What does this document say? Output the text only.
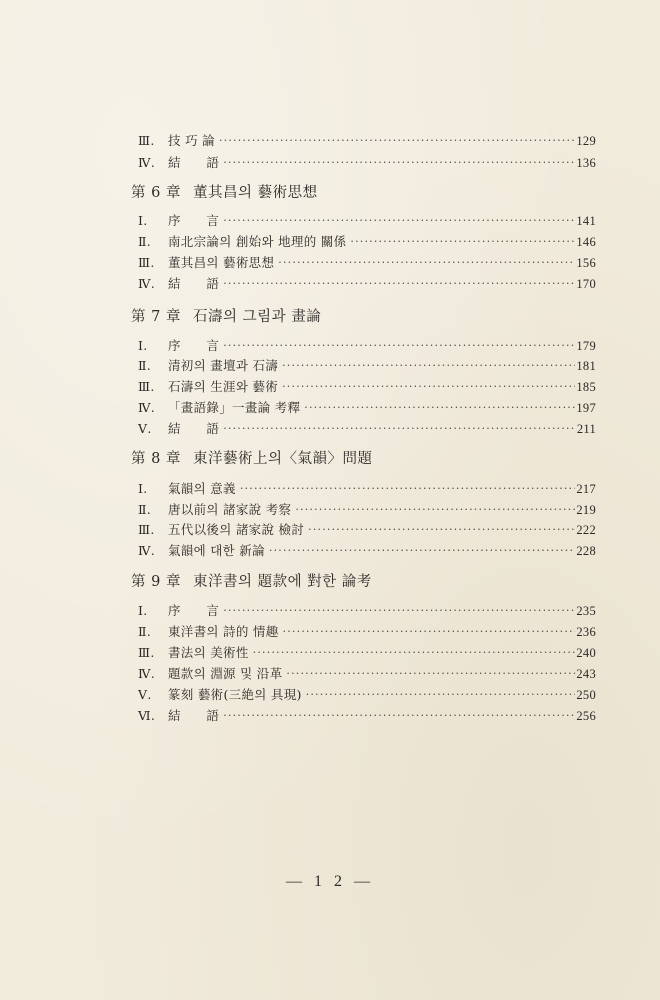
Ⅲ.	技 巧 論 ·····	129
Ⅳ.	結　　語 ·····	136
第 6 章 董其昌의 藝術思想
Ⅰ.	序　　言 ·····	141
Ⅱ.	南北宗論의 創始와 地理的 關係 ·····	146
Ⅲ.	董其昌의 藝術思想 ·····	156
Ⅳ.	結　　語 ·····	170
第 7 章 石濤의 그림과 畫論
Ⅰ.	序　　言 ·····	179
Ⅱ.	清初의 畫壇과 石濤 ·····	181
Ⅲ.	石濤의 生涯와 藝術 ·····	185
Ⅳ.	「畫語錄」一畫論 考釋 ·····	197
Ⅴ.	結　　語 ·····	211
第 8 章 東洋藝術上의〈氣韻〉問題
Ⅰ.	氣韻의 意義 ·····	217
Ⅱ.	唐以前의 諸家說 考察 ·····	219
Ⅲ.	五代以後의 諸家說 檢討 ·····	222
Ⅳ.	氣韻에 대한 新論 ·····	228
第 9 章 東洋書의 題款에 對한 論考
Ⅰ.	序　　言 ·····	235
Ⅱ.	東洋書의 詩的 情趣 ·····	236
Ⅲ.	書法의 美術性 ·····	240
Ⅳ.	題款의 淵源 및 沿革 ·····	243
Ⅴ.	篆刻 藝術(三絶의 具現) ·····	250
Ⅵ.	結　　語 ·····	256
— 1 2 —
